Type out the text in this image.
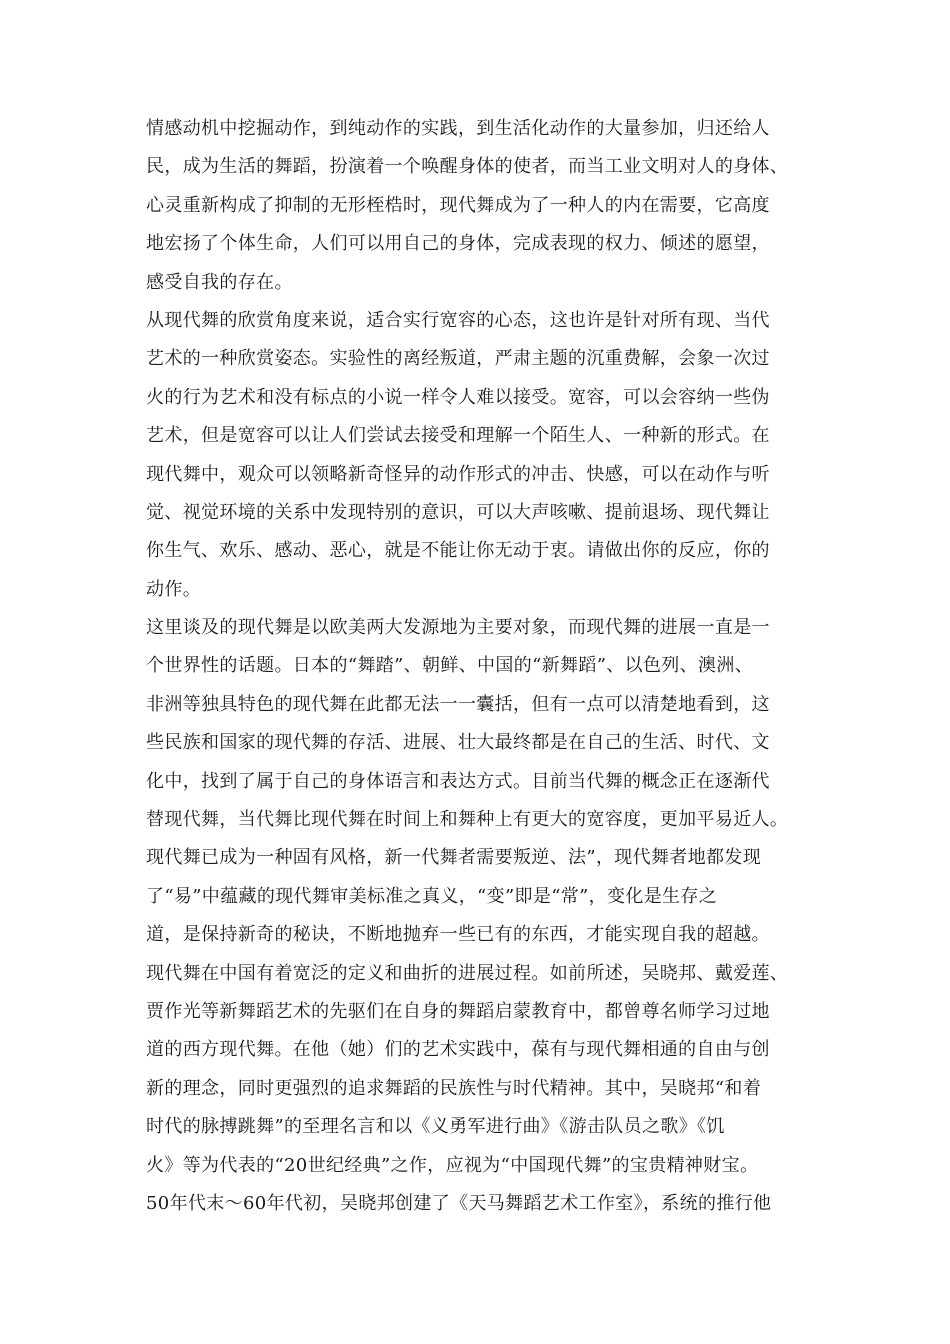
情感动机中挖掘动作，到纯动作的实践，到生活化动作的大量参加，归还给人
民，成为生活的舞蹈，扮演着一个唤醒身体的使者，而当工业文明对人的身体、
心灵重新构成了抑制的无形桎梏时，现代舞成为了一种人的内在需要，它高度
地宏扬了个体生命，人们可以用自己的身体，完成表现的权力、倾述的愿望，
感受自我的存在。
从现代舞的欣赏角度来说，适合实行宽容的心态，这也许是针对所有现、当代
艺术的一种欣赏姿态。实验性的离经叛道，严肃主题的沉重费解，会象一次过
火的行为艺术和没有标点的小说一样令人难以接受。宽容，可以会容纳一些伪
艺术，但是宽容可以让人们尝试去接受和理解一个陌生人、一种新的形式。在
现代舞中，观众可以领略新奇怪异的动作形式的冲击、快感，可以在动作与听
觉、视觉环境的关系中发现特别的意识，可以大声咳嗽、提前退场、现代舞让
你生气、欢乐、感动、恶心，就是不能让你无动于衷。请做出你的反应，你的
动作。
这里谈及的现代舞是以欧美两大发源地为主要对象，而现代舞的进展一直是一
个世界性的话题。日本的“舞踏”、朝鲜、中国的“新舞蹈”、以色列、澳洲、
非洲等独具特色的现代舞在此都无法一一囊括，但有一点可以清楚地看到，这
些民族和国家的现代舞的存活、进展、壮大最终都是在自己的生活、时代、文
化中，找到了属于自己的身体语言和表达方式。目前当代舞的概念正在逐渐代
替现代舞，当代舞比现代舞在时间上和舞种上有更大的宽容度，更加平易近人。
现代舞已成为一种固有风格，新一代舞者需要叛逆、法”，现代舞者地都发现
了“易”中蕴藏的现代舞审美标准之真义，“变”即是“常”，变化是生存之
道，是保持新奇的秘诀，不断地抛弃一些已有的东西，才能实现自我的超越。
现代舞在中国有着宽泛的定义和曲折的进展过程。如前所述，吴晓邦、戴爱莲、
贾作光等新舞蹈艺术的先驱们在自身的舞蹈启蒙教育中，都曾尊名师学习过地
道的西方现代舞。在他（她）们的艺术实践中，葆有与现代舞相通的自由与创
新的理念，同时更强烈的追求舞蹈的民族性与时代精神。其中，吴晓邦“和着
时代的脉搏跳舞”的至理名言和以《义勇军进行曲》《游击队员之歌》《饥
火》等为代表的“20世纪经典”之作，应视为“中国现代舞”的宝贵精神财宝。
50年代末～60年代初，吴晓邦创建了《天马舞蹈艺术工作室》，系统的推行他
